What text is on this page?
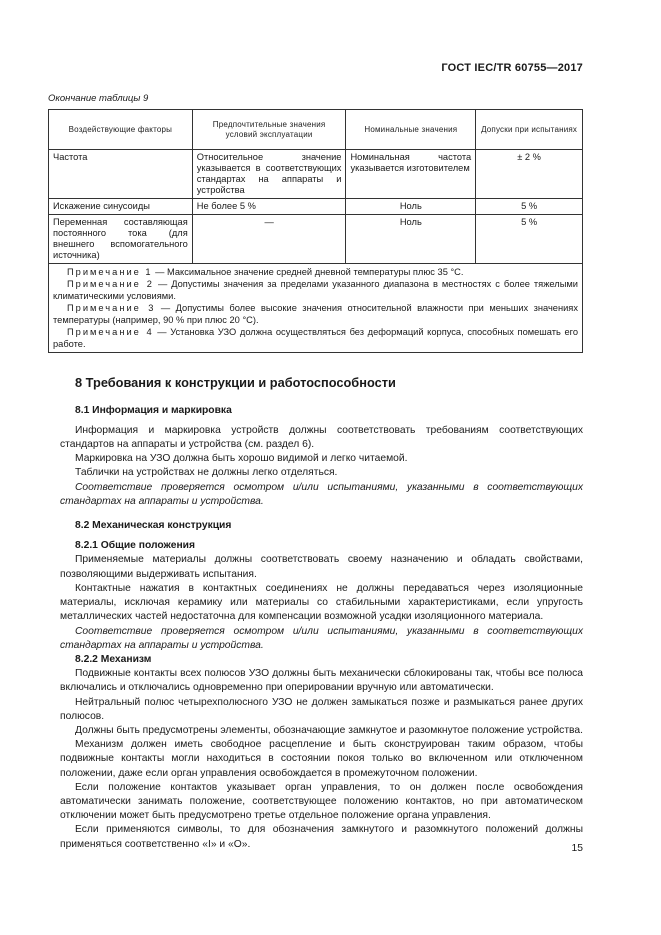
ГОСТ IEC/TR 60755—2017
Окончание таблицы 9
Воздействующие факторы	Предпочтительные значения условий эксплуатации	Номинальные значения	Допуски при испытаниях
Частота	Относительное значение указывается в соответствующих стандартах на аппараты и устройства	Номинальная частота указывается изготовителем	± 2 %
Искажение синусоиды	Не более 5 %	Ноль	5 %
Переменная составляющая постоянного тока (для внешнего вспомогательного источника)	—	Ноль	5 %

Примечание 1 — Максимальное значение средней дневной температуры плюс 35 °С.

Примечание 2 — Допустимы значения за пределами указанного диапазона в местностях с более тяжелыми климатическими условиями.

Примечание 3 — Допустимы более высокие значения относительной влажности при меньших значениях температуры (например, 90 % при плюс 20 °С).

Примечание 4 — Установка УЗО должна осуществляться без деформаций корпуса, способных помешать его работе.			

8 Требования к конструкции и работоспособности
8.1 Информация и маркировка

Информация и маркировка устройств должны соответствовать требованиям соответствующих стандартов на аппараты и устройства (см. раздел 6).

Маркировка на УЗО должна быть хорошо видимой и легко читаемой.

Таблички на устройствах не должны легко отделяться.

Соответствие проверяется осмотром и/или испытаниями, указанными в соответствующих стандартах на аппараты и устройства.

8.2 Механическая конструкция
8.2.1 Общие положения

Применяемые материалы должны соответствовать своему назначению и обладать свойствами, позволяющими выдерживать испытания.

Контактные нажатия в контактных соединениях не должны передаваться через изоляционные материалы, исключая керамику или материалы со стабильными характеристиками, если упругость металлических частей недостаточна для компенсации возможной усадки изоляционного материала.

Соответствие проверяется осмотром и/или испытаниями, указанными в соответствующих стандартах на аппараты и устройства.

8.2.2 Механизм

Подвижные контакты всех полюсов УЗО должны быть механически сблокированы так, чтобы все полюса включались и отключались одновременно при оперировании вручную или автоматически.

Нейтральный полюс четырехполюсного УЗО не должен замыкаться позже и размыкаться ранее других полюсов.

Должны быть предусмотрены элементы, обозначающие замкнутое и разомкнутое положение устройства.

Механизм должен иметь свободное расцепление и быть сконструирован таким образом, чтобы подвижные контакты могли находиться в состоянии покоя только во включенном или отключенном положении, даже если орган управления освобождается в промежуточном положении.

Если положение контактов указывает орган управления, то он должен после освобождения автоматически занимать положение, соответствующее положению контактов, но при автоматическом отключении может быть предусмотрено третье отдельное положение органа управления.

Если применяются символы, то для обозначения замкнутого и разомкнутого положений должны применяться соответственно «I» и «O».	15
